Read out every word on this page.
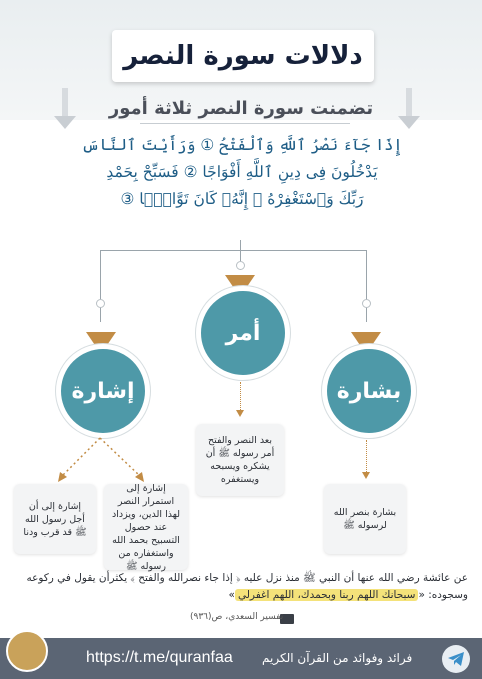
دلالات سورة النصر
تضمنت سورة النصر ثلاثة أمور
إِذَا جَآءَ نَصْرُ ٱللَّهِ وَٱلْفَتْحُ ① وَرَأَيْتَ ٱلنَّاسَ
يَدْخُلُونَ فِى دِينِ ٱللَّهِ أَفْوَاجًا ② فَسَبِّحْ بِحَمْدِ
رَبِّكَ وَٱسْتَغْفِرْهُ ۚ إِنَّهُۥ كَانَ تَوَّابًۢا ③
أمر
إشارة	بشارة
بعد النصر والفتح أمر رسوله ﷺ أن يشكره ويسبحه ويستغفره
بشارة بنصر الله لرسوله ﷺ
إشارة إلى استمرار النصر لهذا الدين، ويزداد عند حصول التسبيح بحمد الله واستغفاره من رسوله ﷺ
إشارة إلى أن أجل رسول الله ﷺ قد قرب ودنا
عن عائشة رضي الله عنها أن النبي ﷺ منذ نزل عليه ﴿ إذا جاء نصرالله والفتح ﴾ يكثرأن يقول في ركوعه وسجوده: «سبحانك اللهم ربنا وبحمدك، اللهم اغفرلي»
تفسير السعدي، ص(٩٣٦)
https://t.me/quranfaa فرائد وفوائد من القرآن الكريم
